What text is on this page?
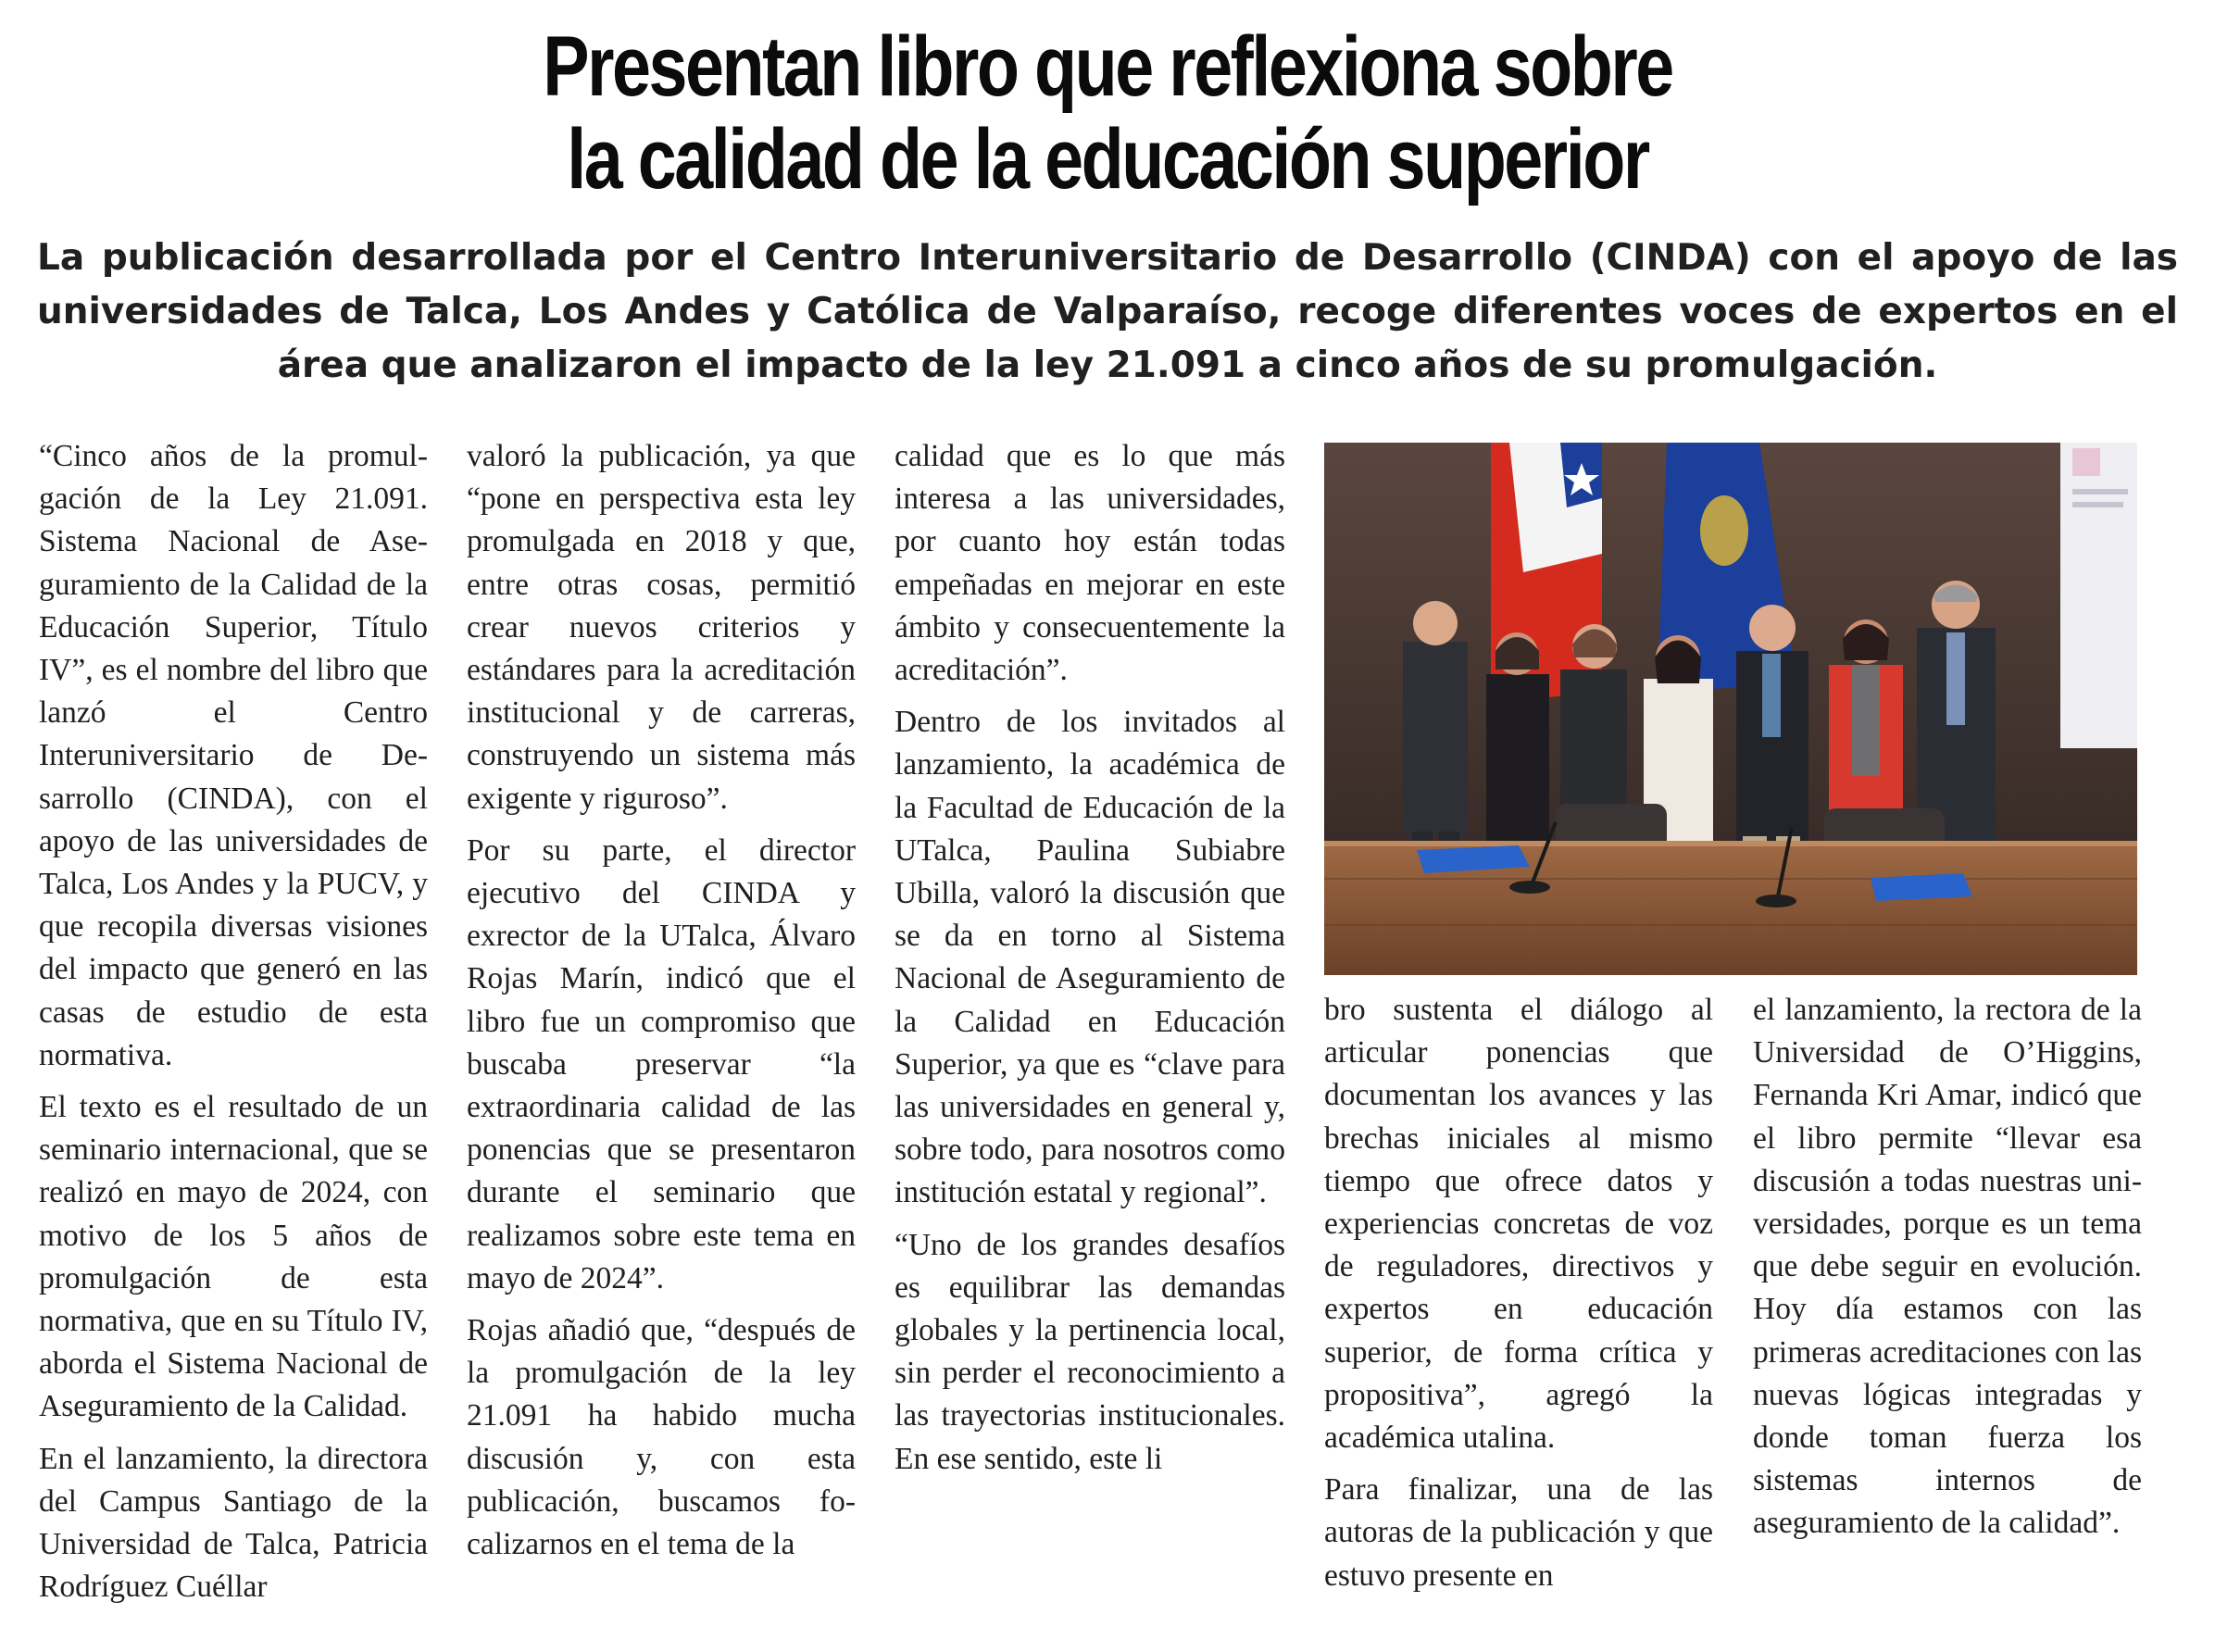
Presentan libro que reflexiona sobre
la calidad de la educación superior

La publicación desarrollada por el Centro Interuniversitario de Desarrollo (CINDA) con el apoyo de las universidades de Talca, Los Andes y Católica de Valparaíso, recoge diferentes voces de expertos en el área que analizaron el impacto de la ley 21.091 a cinco años de su promulgación.

“Cinco años de la promulgación de la Ley 21.091. Sistema Nacional de Aseguramiento de la Calidad de la Educación Superior, Título IV”, es el nombre del libro que lanzó el Centro Interuniversitario de Desarrollo (CINDA), con el apoyo de las universidades de Talca, Los Andes y la PUCV, y que recopila diversas visiones del impacto que generó en las casas de estudio de esta normativa.

El texto es el resultado de un seminario internacional, que se realizó en mayo de 2024, con motivo de los 5 años de promulgación de esta normativa, que en su Título IV, aborda el Sistema Nacional de Aseguramiento de la Calidad.

En el lanzamiento, la directora del Campus Santiago de la Universidad de Talca, Patricia Rodríguez Cuéllar

valoró la publicación, ya que “pone en perspectiva esta ley promulgada en 2018 y que, entre otras cosas, permitió crear nuevos criterios y estándares para la acreditación institucional y de carreras, construyendo un sistema más exigente y riguroso”.

Por su parte, el director ejecutivo del CINDA y exrector de la UTalca, Álvaro Rojas Marín, indicó que el libro fue un compromiso que buscaba preservar “la extraordinaria calidad de las ponencias que se presentaron durante el seminario que realizamos sobre este tema en mayo de 2024”.

Rojas añadió que, “después de la promulgación de la ley 21.091 ha habido mucha discusión y, con esta publicación, buscamos focalizarnos en el tema de la

calidad que es lo que más interesa a las universidades, por cuanto hoy están todas empeñadas en mejorar en este ámbito y consecuentemente la acreditación”.

Dentro de los invitados al lanzamiento, la académica de la Facultad de Educación de la UTalca, Paulina Subiabre Ubilla, valoró la discusión que se da en torno al Sistema Nacional de Aseguramiento de la Calidad en Educación Superior, ya que es “clave para las universidades en general y, sobre todo, para nosotros como institución estatal y regional”.

“Uno de los grandes desafíos es equilibrar las demandas globales y la pertinencia local, sin perder el reconocimiento a las trayectorias institucionales. En ese sentido, este li

bro sustenta el diálogo al articular ponencias que documentan los avances y las brechas iniciales al mismo tiempo que ofrece datos y experiencias concretas de voz de reguladores, directivos y expertos en educación superior, de forma crítica y propositiva”, agregó la académica utalina.

Para finalizar, una de las autoras de la publicación y que estuvo presente en

el lanzamiento, la rectora de la Universidad de O’Higgins, Fernanda Kri Amar, indicó que el libro permite “llevar esa discusión a todas nuestras universidades, porque es un tema que debe seguir en evolución. Hoy día estamos con las primeras acreditaciones con las nuevas lógicas integradas y donde toman fuerza los sistemas internos de aseguramiento de la calidad”.
